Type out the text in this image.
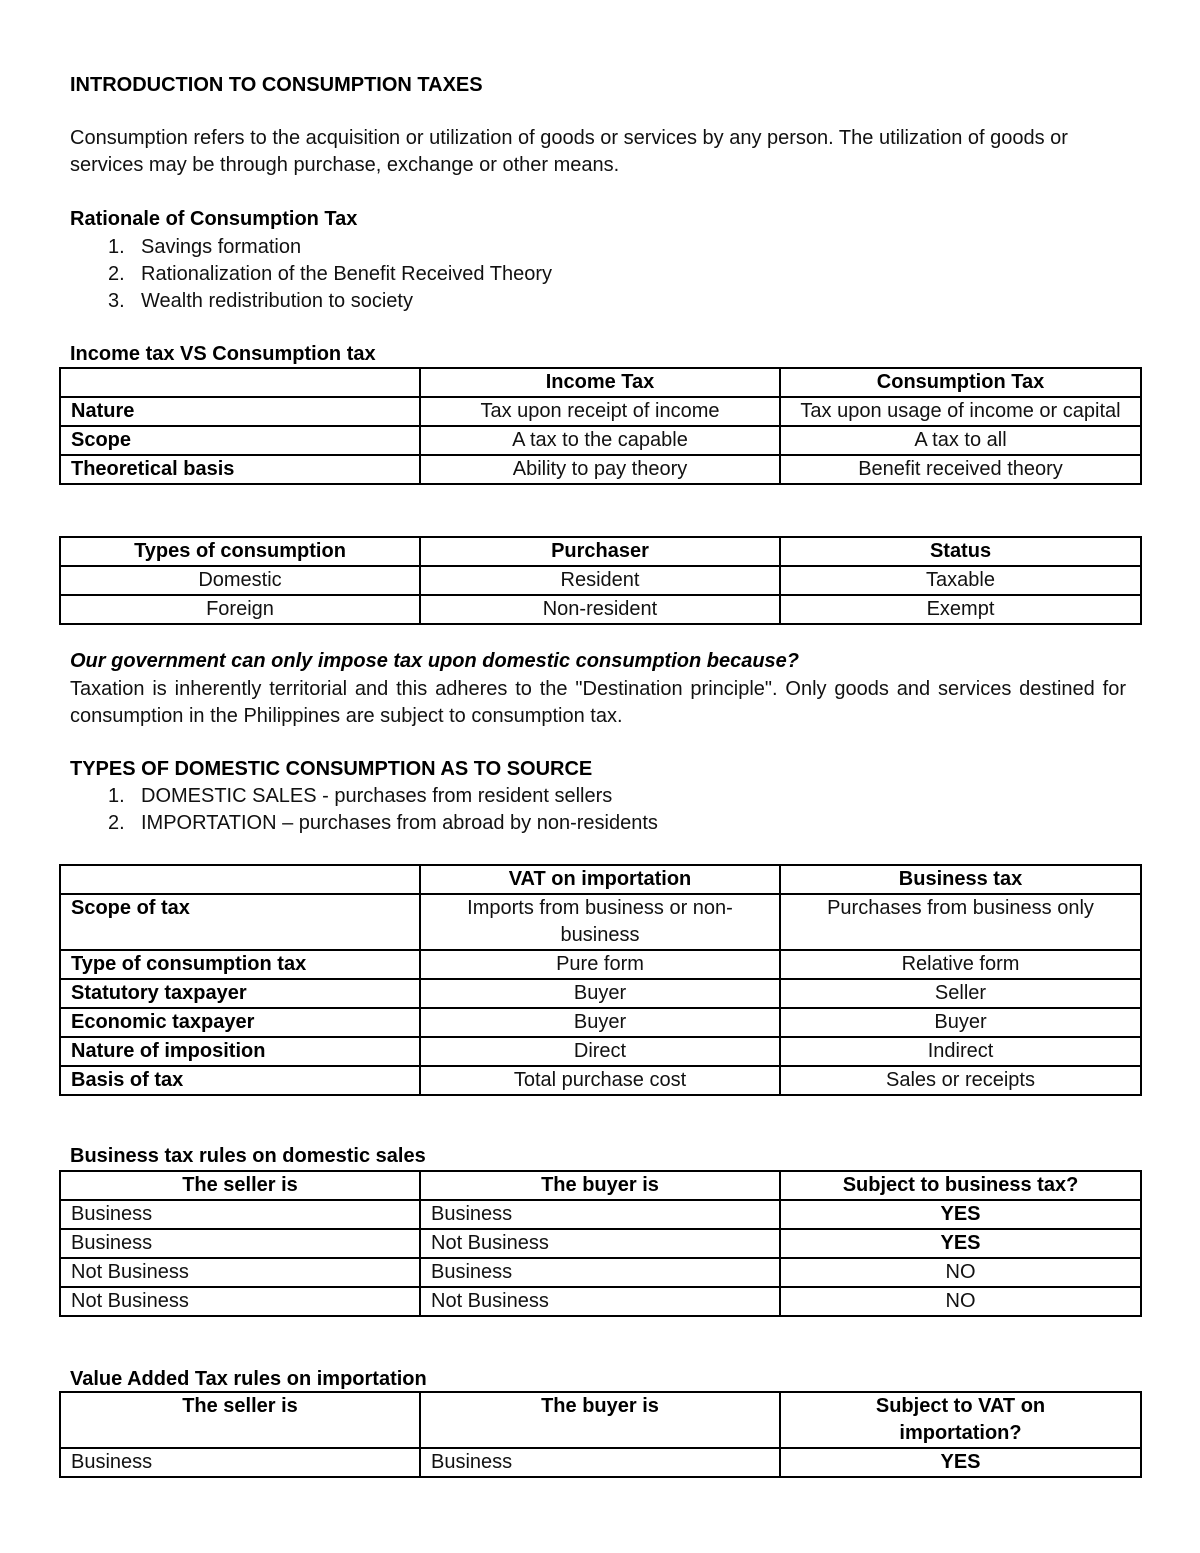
INTRODUCTION TO CONSUMPTION TAXES
Consumption refers to the acquisition or utilization of goods or services by any person. The utilization of goods or services may be through purchase, exchange or other means.
Rationale of Consumption Tax
1. Savings formation
2. Rationalization of the Benefit Received Theory
3. Wealth redistribution to society
Income tax VS Consumption tax
	Income Tax	Consumption Tax
Nature	Tax upon receipt of income	Tax upon usage of income or capital
Scope	A tax to the capable	A tax to all
Theoretical basis	Ability to pay theory	Benefit received theory
Types of consumption	Purchaser	Status
Domestic	Resident	Taxable
Foreign	Non-resident	Exempt
Our government can only impose tax upon domestic consumption because?
Taxation is inherently territorial and this adheres to the "Destination principle". Only goods and services destined for consumption in the Philippines are subject to consumption tax.
TYPES OF DOMESTIC CONSUMPTION AS TO SOURCE
1. DOMESTIC SALES - purchases from resident sellers
2. IMPORTATION – purchases from abroad by non-residents
	VAT on importation	Business tax
Scope of tax	Imports from business or non-business	Purchases from business only
Type of consumption tax	Pure form	Relative form
Statutory taxpayer	Buyer	Seller
Economic taxpayer	Buyer	Buyer
Nature of imposition	Direct	Indirect
Basis of tax	Total purchase cost	Sales or receipts
Business tax rules on domestic sales
The seller is	The buyer is	Subject to business tax?
Business	Business	YES
Business	Not Business	YES
Not Business	Business	NO
Not Business	Not Business	NO
Value Added Tax rules on importation
The seller is	The buyer is	Subject to VAT on importation?

Business	Business	YES
